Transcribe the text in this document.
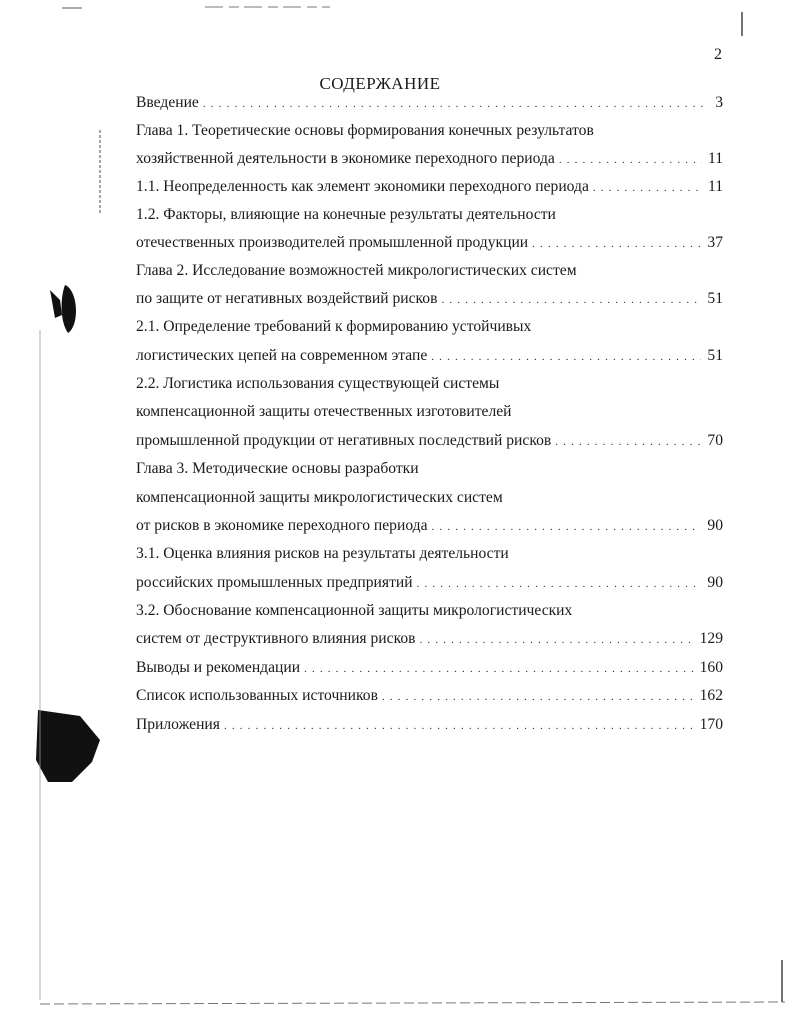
2
СОДЕРЖАНИЕ
Введение . . .	3
Глава 1. Теоретические основы формирования конечных результатов
хозяйственной деятельности в экономике переходного периода . . .	11
1.1. Неопределенность как элемент экономики переходного периода . . .	11
1.2. Факторы, влияющие на конечные результаты деятельности
отечественных производителей промышленной продукции . . .	37
Глава 2. Исследование возможностей микрологистических систем
по защите от негативных воздействий рисков . . .	51
2.1. Определение требований к формированию устойчивых
логистических цепей на современном этапе . . .	51
2.2. Логистика использования существующей системы
компенсационной защиты отечественных изготовителей
промышленной продукции от негативных последствий рисков . . .	70
Глава 3. Методические основы разработки
компенсационной защиты микрологистических систем
от рисков в экономике переходного периода . . .	90
3.1. Оценка влияния рисков на результаты деятельности
российских промышленных предприятий . . .	90
3.2. Обоснование компенсационной защиты микрологистических
систем от деструктивного влияния рисков . . .	129
Выводы и рекомендации . . .	160
Список использованных источников . . .	162
Приложения . . .	170
